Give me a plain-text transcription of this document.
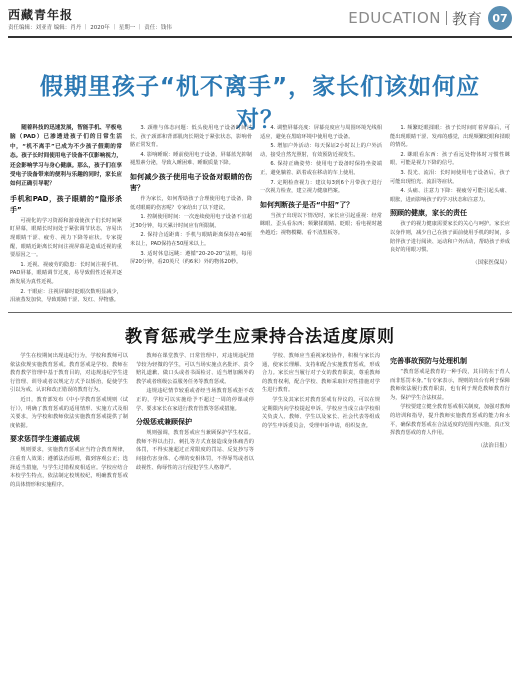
西藏青年报
责任编辑：刘亚青 编辑：肖丹 ｜ 2020年 ｜ 星期一 ｜ 责任：钱伟
EDUCATION 教育 07
假期里孩子“机不离手”，家长们该如何应对？

随着科技的迅速发展，智能手机、平板电脑（PAD）已渗透进孩子们的日常生活中，“机不离手”已成为不少孩子假期的常态。孩子长时间使用电子设备不仅影响视力，还会影响学习与身心健康。那么，孩子们在享受电子设备带来的便利与乐趣的同时，家长应如何正确引导呢？

手机和PAD，孩子眼睛的“隐形杀手”

可视化的学习资源和游戏使孩子们长时间紧盯屏幕，眼睛长时间处于紧张调节状态，容易出现眼睛干涩、疲劳、视力下降等症状。专家提醒，眼睛近距离长时间注视屏幕是造成近视的重要原因之一。

1. 近视、视疲劳的隐患：长时间注视手机、PAD屏幕，眼睛调节过度，易导致假性近视并逐渐发展为真性近视。

2. 干眼症：注视屏幕时眨眼次数明显减少，泪液蒸发加快，导致眼睛干涩、发红、异物感。

3. 颈椎与体态问题：低头使用电子设备时间过长，孩子颈部和背部肌肉长期处于紧张状态，影响骨骼正常发育。

4. 影响睡眠：睡前使用电子设备，屏幕蓝光抑制褪黑素分泌，导致入睡困难、睡眠质量下降。

如何减少孩子使用电子设备对眼睛的伤害？

作为家长，如何帮助孩子合理使用电子设备，降低对眼睛的伤害呢？专家给出了以下建议。

1. 控制使用时间：一次连续使用电子设备不宜超过30分钟，每天累计时间应有所限制。

2. 保持合适距离：手机与眼睛距离保持在40厘米以上，PAD保持在50厘米以上。

3. 适时休息远眺：遵循“20-20-20”法则，每用屏20分钟，看20英尺（约6米）外的物体20秒。

4. 调整屏幕亮度：屏幕亮度应与周围环境光线相适应，避免在黑暗环境中使用电子设备。

5. 增加户外活动：每天保证2小时以上的户外活动，接受自然光照射，有效预防近视发生。

6. 保持正确姿势：使用电子设备时保持坐姿端正，避免躺着、趴着或在移动的车上使用。

7. 定期检查视力：建议每3到6个月带孩子进行一次视力检查，建立视力健康档案。

如何判断孩子是否“中招”了？

当孩子出现以下情况时，家长应引起重视：经常眯眼、歪头看东西；频繁揉眼睛、眨眼；看电视时越坐越近；视物模糊、看不清黑板等。

1. 频繁眨眼揉眼：孩子长时间盯着屏幕后，可能出现眼睛干涩、发痒的感觉，出现频繁眨眼和揉眼的情况。

2. 眯眼看东西：孩子看远处物体时习惯性眯眼，可能是视力下降的信号。

3. 畏光、流泪：长时间使用电子设备后，孩子可能出现怕光、流泪等症状。

4. 头痛、注意力下降：视疲劳可能引起头痛、眼胀，进而影响孩子的学习状态和注意力。

照顾的健康，家长的责任

孩子的视力健康需要家长的关心与呵护。家长应以身作则，减少自己在孩子面前使用手机的时间，多陪伴孩子进行阅读、运动和户外活动，帮助孩子养成良好的用眼习惯。

（国家医保局）
教育惩戒学生应秉持合法适度原则

学生在校期间出现违纪行为，学校和教师可以依法依规实施教育惩戒。教育惩戒是学校、教师在教育教学管理中基于教育目的，对违规违纪学生进行管理、训导或者以规定方式予以矫治，促使学生引以为戒、认识和改正错误的教育行为。

近日，教育部发布《中小学教育惩戒规则（试行）》，明确了教育惩戒的适用情形、实施方式及相关要求，为学校和教师依法实施教育惩戒提供了制度依据。

要求惩罚学生遵循成规

规则要求，实施教育惩戒应当符合教育规律，注重育人效果；遵循法治原则，做到客观公正；选择适当措施，与学生过错程度相适应。学校应结合本校学生特点，依法制定校规校纪，明确教育惩戒的具体情形和实施程序。

教师在课堂教学、日常管理中，对违规违纪情节较为轻微的学生，可以当场实施点名批评、责令赔礼道歉、做口头或者书面检讨、适当增加额外的教学或者班级公益服务任务等教育惩戒。

违规违纪情节较重或者经当场教育惩戒拒不改正的，学校可以实施给予不超过一周的停课或停学、要求家长在家进行教育管教等惩戒措施。

分级惩戒兼顾保护

规则强调，教育惩戒应当兼顾保护学生权益。教师不得以击打、刺扎等方式直接造成身体痛苦的体罚，不得实施超过正常限度的罚站、反复抄写等间接伤害身体、心理的变相体罚，不得辱骂或者以歧视性、侮辱性的言行侵犯学生人格尊严。

学校、教师应当重视家校协作，积极与家长沟通，使家长理解、支持和配合实施教育惩戒，形成合力。家长应当履行对子女的教育职责，尊重教师的教育权利，配合学校、教师采取针对性措施对学生进行教育。

学生及其家长对教育惩戒有异议的，可以在规定期限内向学校提起申诉，学校应当成立由学校相关负责人、教师、学生以及家长、社会代表等组成的学生申诉委员会，受理申诉申请，组织复查。

完善事故预防与处理机制

“教育惩戒是教育的一种手段，其目的在于育人而非惩罚本身。”有专家表示，规则的出台有利于保障教师依法履行教育职责，也有利于规范教师教育行为，保护学生合法权益。

学校要建立健全教育惩戒相关制度，加强对教师的培训和指导，提升教师实施教育惩戒的能力和水平，确保教育惩戒在合法适度的范围内实施，真正发挥教育惩戒的育人作用。

（法治日报）
